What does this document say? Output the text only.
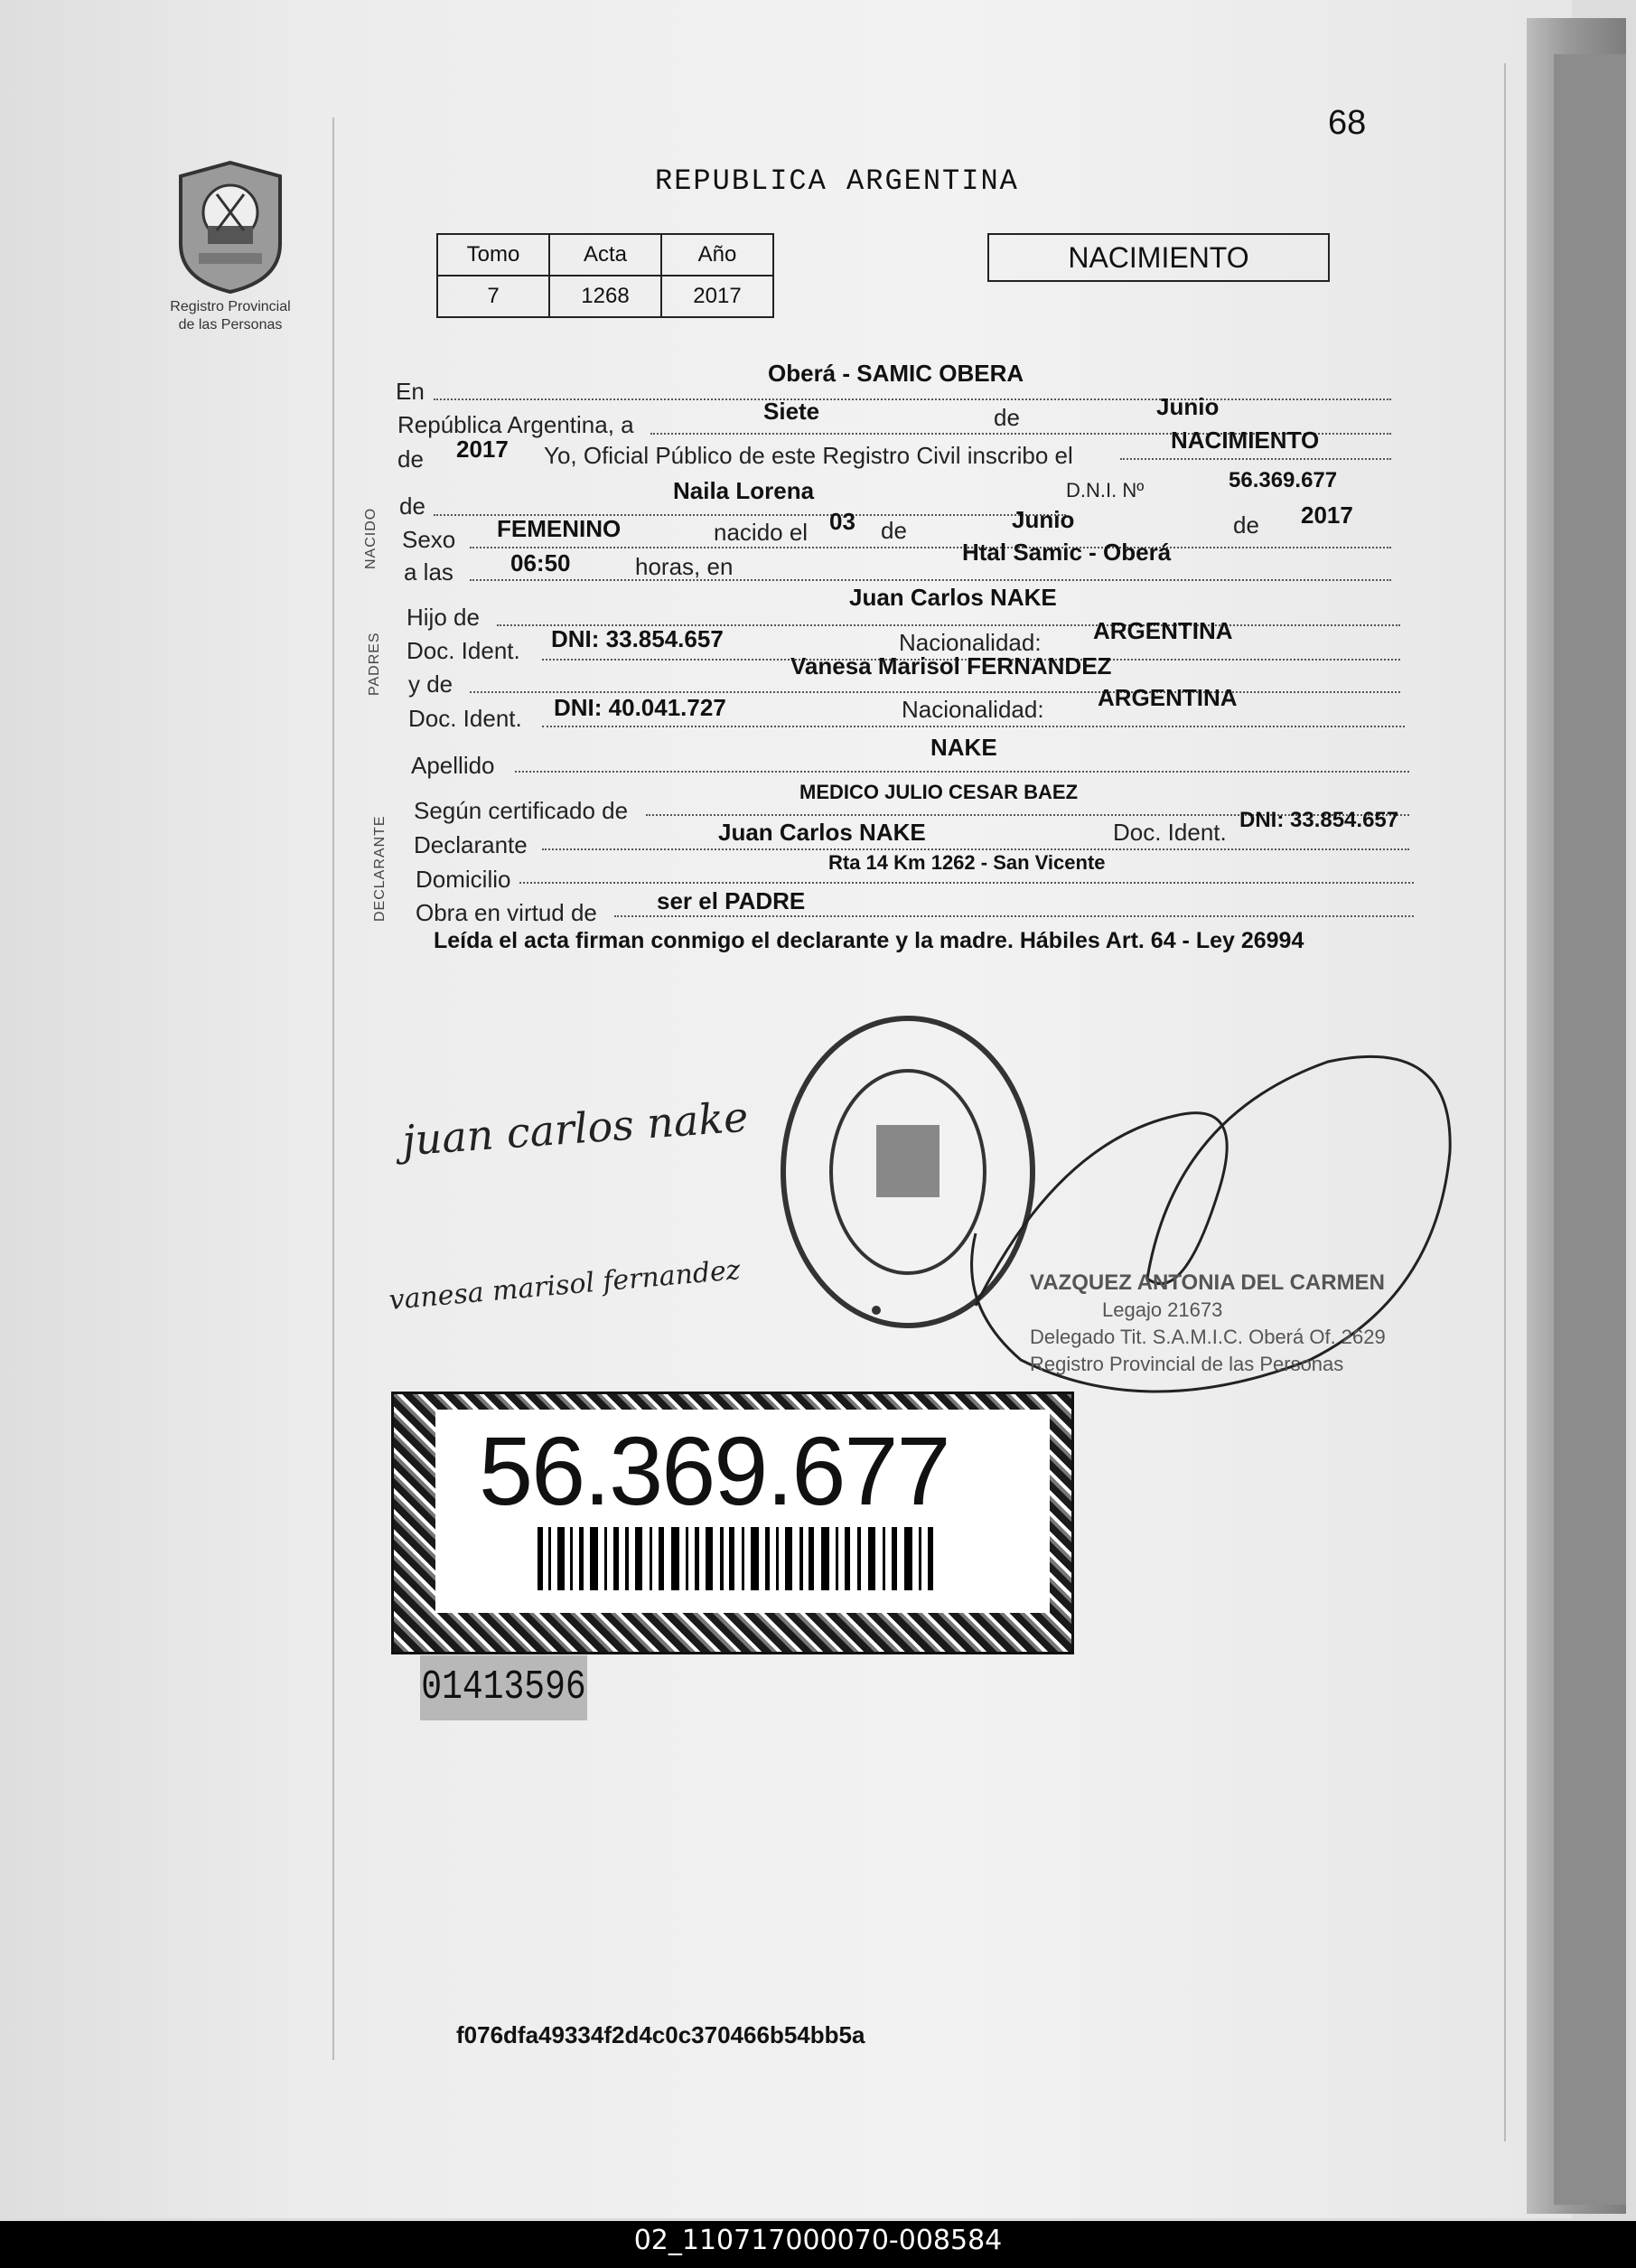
68
Registro Provincial
de las Personas
REPUBLICA ARGENTINA
Tomo	Acta	Año
7	1268	2017
NACIMIENTO
NACIDO
PADRES
DECLARANTE
En
Oberá - SAMIC OBERA
República Argentina, a	Siete	de	Junio
de 2017 Yo, Oficial Público de este Registro Civil inscribo el
NACIMIENTO
de
Naila Lorena	D.N.I. Nº	56.369.677
Sexo FEMENINO	nacido el 03 de	Junio	de 2017
a las 06:50	horas, en
Htal Samic - Oberá
Hijo de
Juan Carlos NAKE
Doc. Ident. DNI: 33.854.657	Nacionalidad: ARGENTINA
y de
Vanesa Marisol FERNANDEZ
Doc. Ident. DNI: 40.041.727	Nacionalidad: ARGENTINA
Apellido
NAKE
Según certificado de
MEDICO JULIO CESAR BAEZ
Declarante	Juan Carlos NAKE	Doc. Ident. DNI: 33.854.657
Domicilio
Rta 14 Km 1262 - San Vicente
Obra en virtud de	ser el PADRE
Leída el acta firman conmigo el declarante y la madre. Hábiles Art. 64 - Ley 26994
juan carlos nake
vanesa marisol fernandez	VAZQUEZ ANTONIA DEL CARMEN
Legajo 21673
Delegado Tit. S.A.M.I.C. Oberá Of. 2629
Registro Provincial de las Personas
56.369.677
01413596
f076dfa49334f2d4c0c370466b54bb5a
02_110717000070-008584
